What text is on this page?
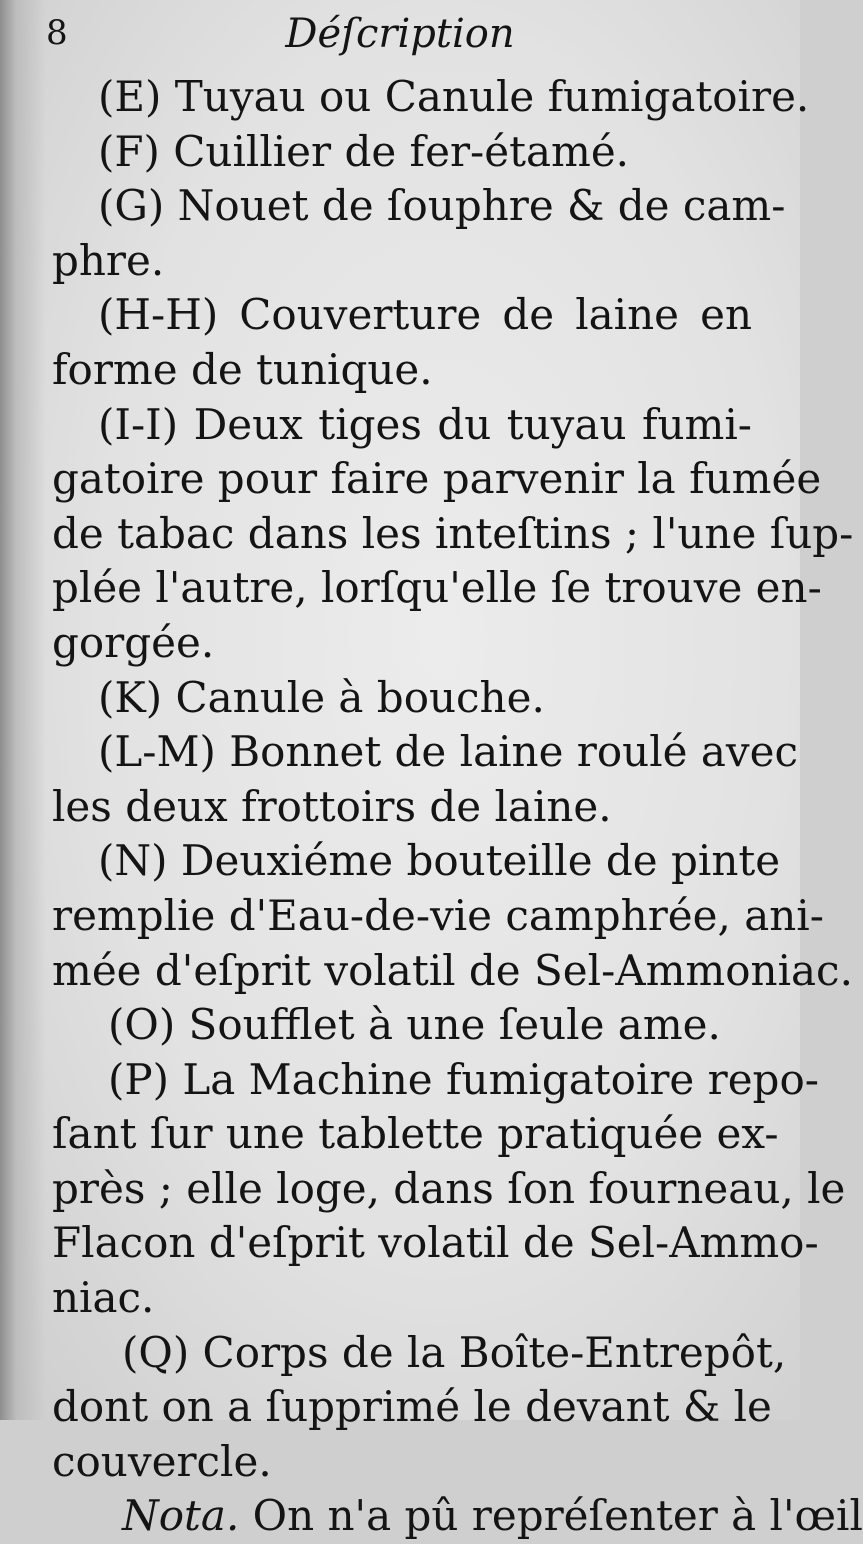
8	Déſcription
(E) Tuyau ou Canule fumigatoire.
(F) Cuillier de fer-étamé.
(G) Nouet de ſouphre & de cam-
phre.
(H-H) Couverture de laine en
forme de tunique.
(I-I) Deux tiges du tuyau fumi-
gatoire pour faire parvenir la fumée
de tabac dans les inteſtins ; l'une ſup-
plée l'autre, lorſqu'elle ſe trouve en-
gorgée.
(K) Canule à bouche.
(L-M) Bonnet de laine roulé avec
les deux frottoirs de laine.
(N) Deuxiéme bouteille de pinte
remplie d'Eau-de-vie camphrée, ani-
mée d'eſprit volatil de Sel-Ammoniac.
(O) Soufflet à une ſeule ame.
(P) La Machine fumigatoire repo-
ſant ſur une tablette pratiquée ex-
près ; elle loge, dans ſon fourneau, le
Flacon d'eſprit volatil de Sel-Ammo-
niac.
(Q) Corps de la Boîte-Entrepôt,
dont on a ſupprimé le devant & le
couvercle.
Nota. On n'a pû repréſenter à l'œil
